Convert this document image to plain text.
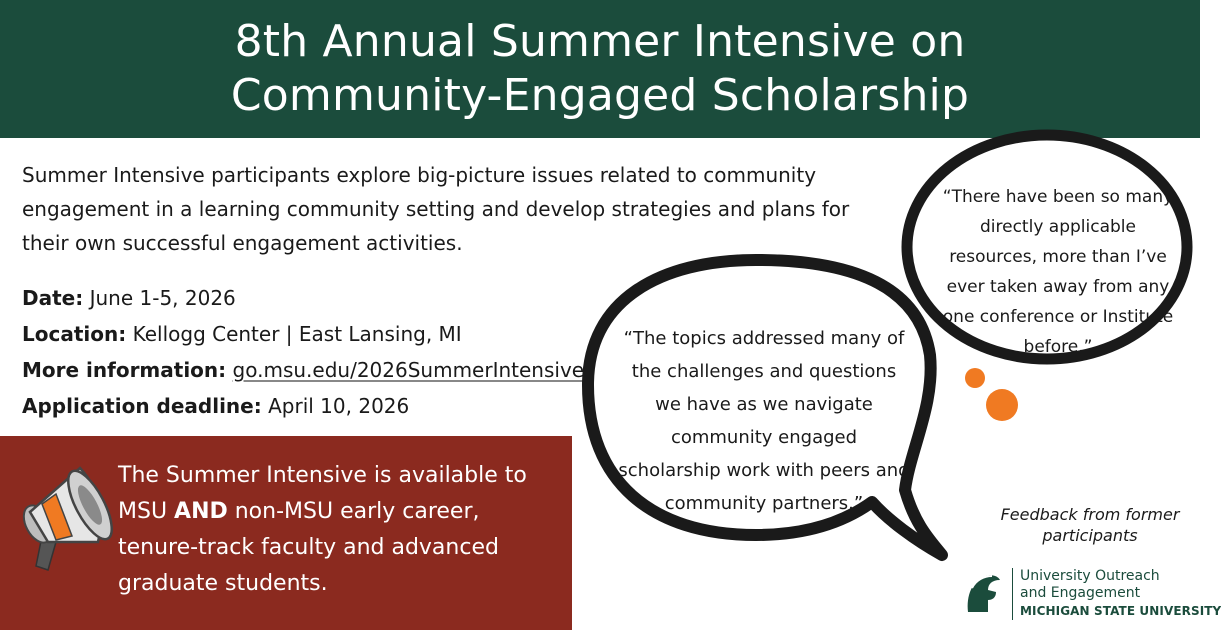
8th Annual Summer Intensive on
Community-Engaged Scholarship

Summer Intensive participants explore big-picture issues related to community engagement in a learning community setting and develop strategies and plans for their own successful engagement activities.

Date: June 1-5, 2026
Location: Kellogg Center | East Lansing, MI
More information: go.msu.edu/2026SummerIntensive
Application deadline: April 10, 2026

The Summer Intensive is available to MSU AND non-MSU early career, tenure-track faculty and advanced graduate students.

“The topics addressed many of the challenges and questions we have as we navigate community engaged scholarship work with peers and community partners.”

“There have been so many directly applicable resources, more than I’ve ever taken away from any one conference or Institute before.”

Feedback from former participants

University Outreach
and Engagement
MICHIGAN STATE UNIVERSITY
